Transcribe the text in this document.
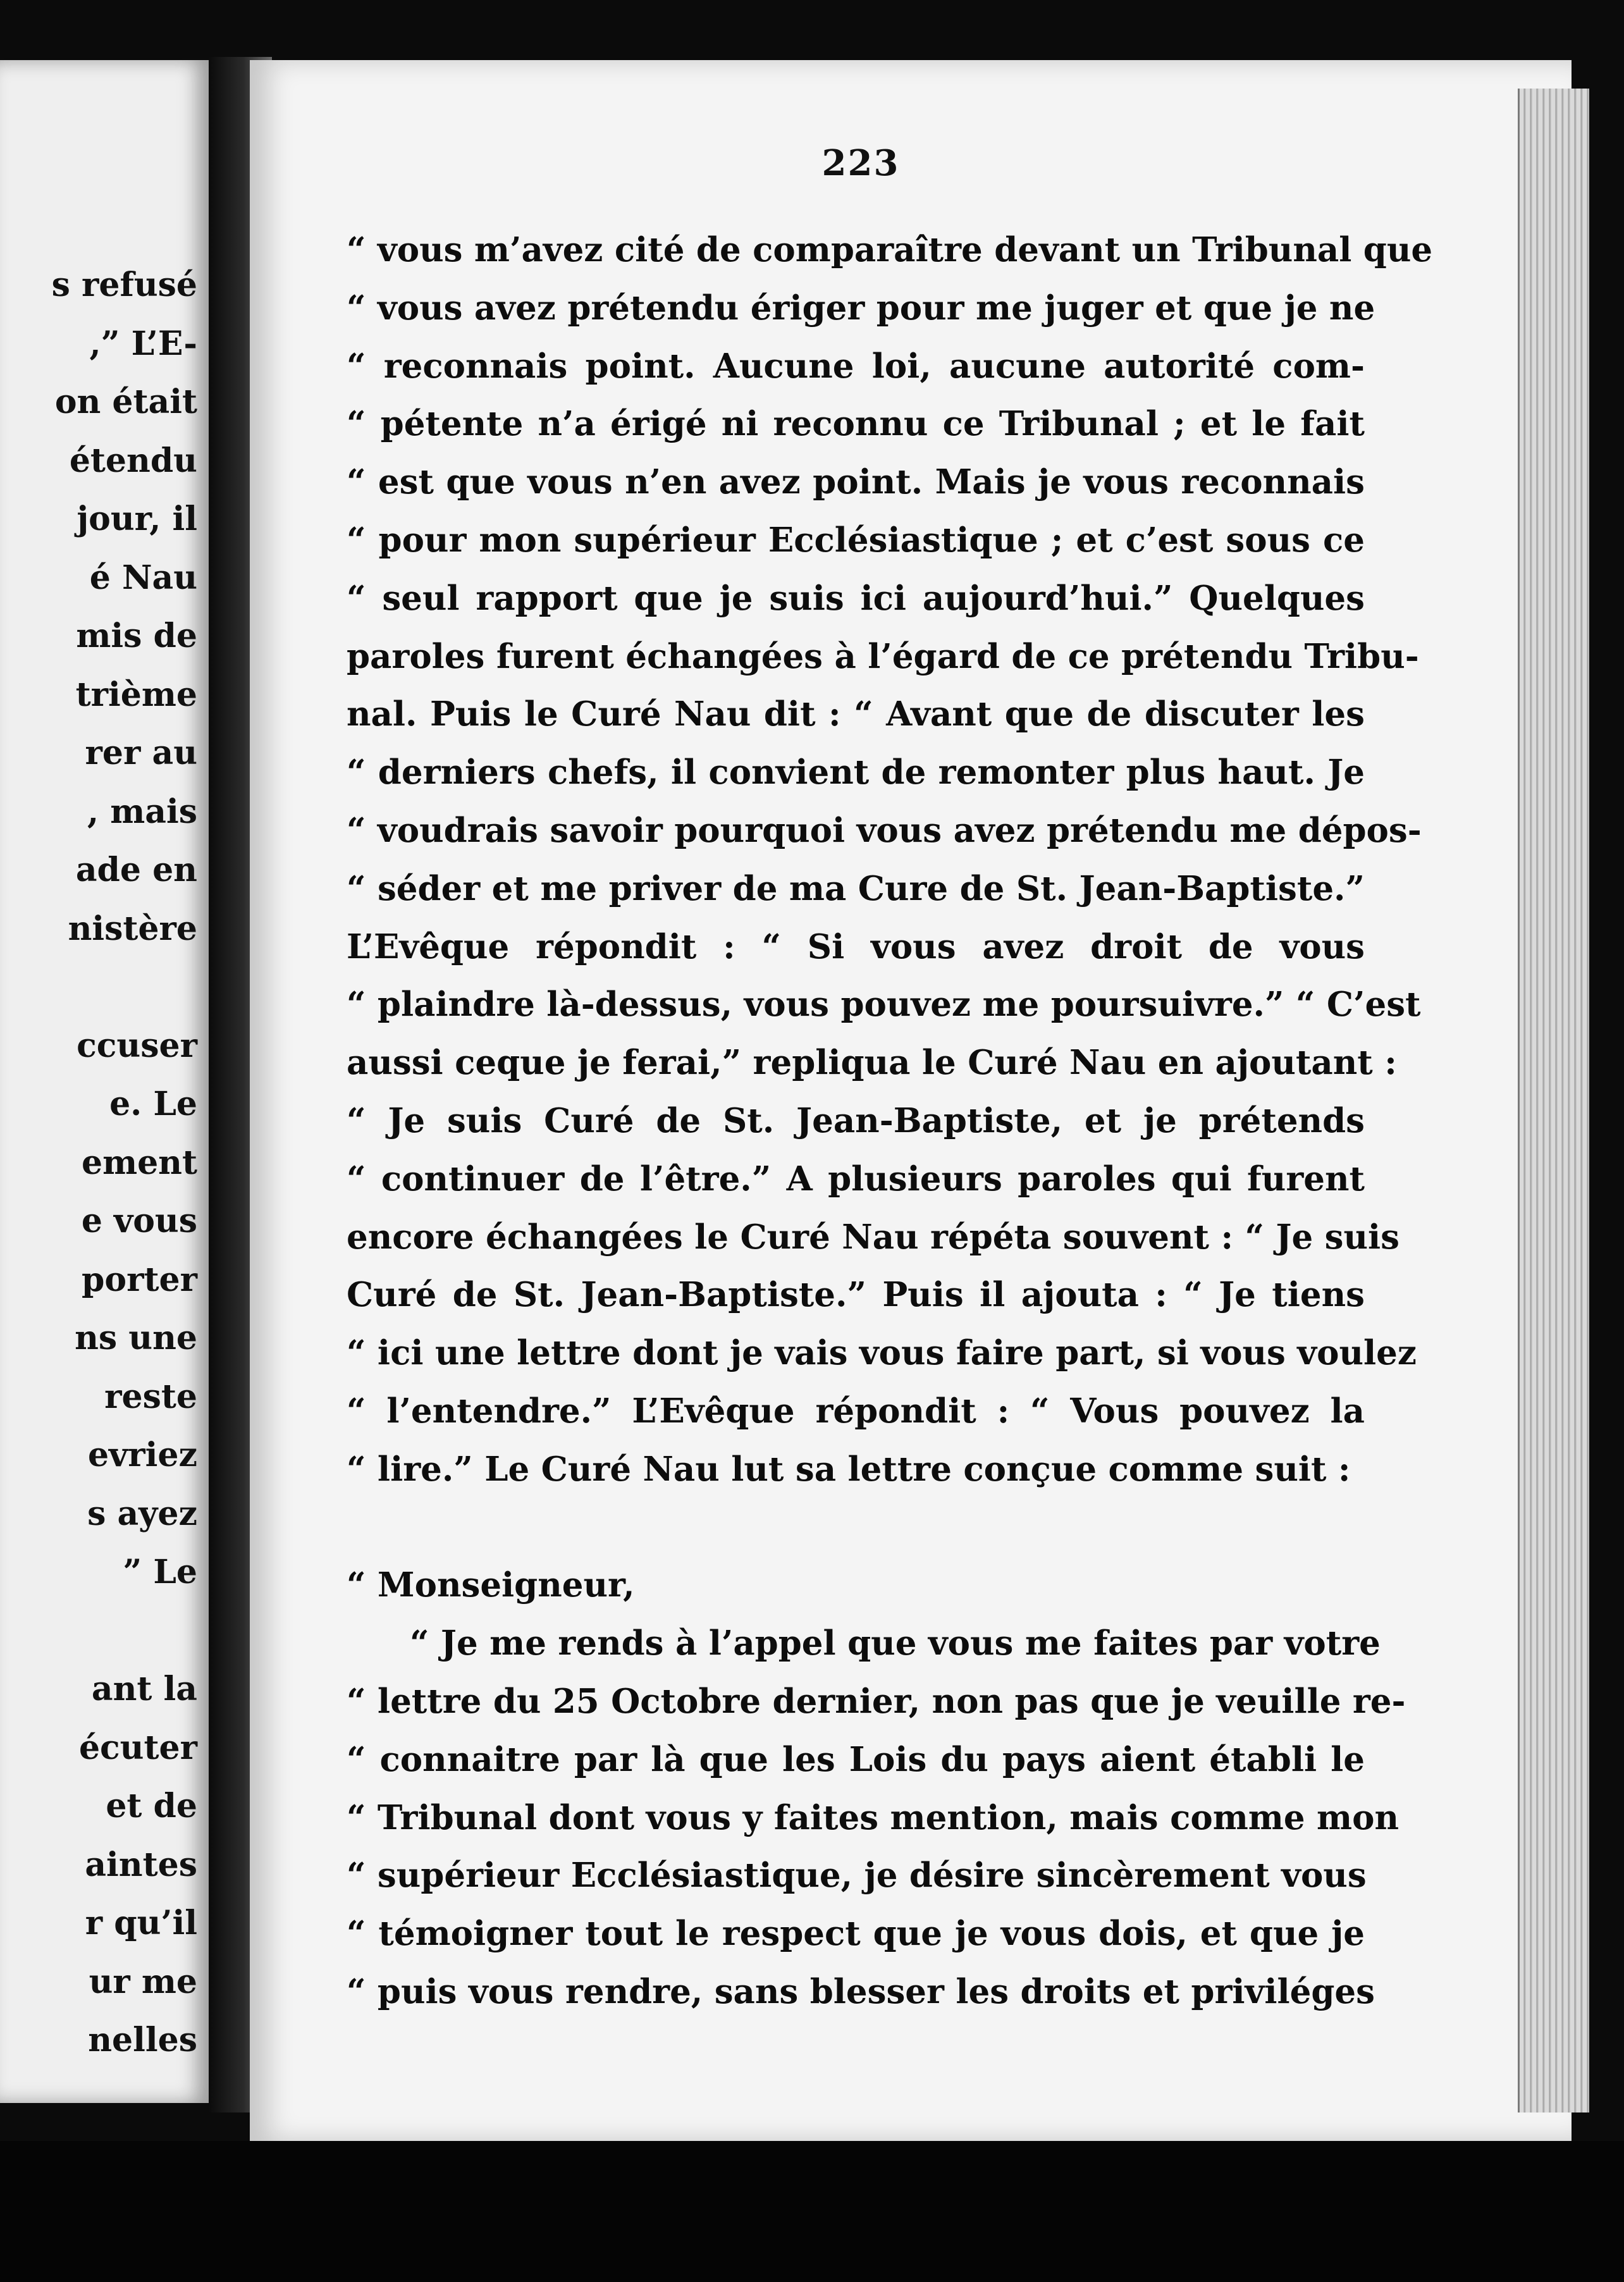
s refusé
,” L’E-
on était
étendu
jour, il
é Nau
mis de
trième
rer au
, mais
ade en
nistère
ccuser
e. Le
ement
e vous
porter
ns une
reste
evriez
s ayez
” Le
ant la
écuter
et de
aintes
r qu’il
ur me
nelles
223
“ vous m’avez cité de comparaître devant un Tribunal que
“ vous avez prétendu ériger pour me juger et que je ne
“ reconnais point. Aucune loi, aucune autorité com-
“ pétente n’a érigé ni reconnu ce Tribunal ; et le fait
“ est que vous n’en avez point. Mais je vous reconnais
“ pour mon supérieur Ecclésiastique ; et c’est sous ce
“ seul rapport que je suis ici aujourd’hui.” Quelques
paroles furent échangées à l’égard de ce prétendu Tribu-
nal. Puis le Curé Nau dit : “ Avant que de discuter les
“ derniers chefs, il convient de remonter plus haut. Je
“ voudrais savoir pourquoi vous avez prétendu me dépos-
“ séder et me priver de ma Cure de St. Jean-Baptiste.”
L’Evêque répondit : “ Si vous avez droit de vous
“ plaindre là-dessus, vous pouvez me poursuivre.” “ C’est
aussi ceque je ferai,” repliqua le Curé Nau en ajoutant :
“ Je suis Curé de St. Jean-Baptiste, et je prétends
“ continuer de l’être.” A plusieurs paroles qui furent
encore échangées le Curé Nau répéta souvent : “ Je suis
Curé de St. Jean-Baptiste.” Puis il ajouta : “ Je tiens
“ ici une lettre dont je vais vous faire part, si vous voulez
“ l’entendre.” L’Evêque répondit : “ Vous pouvez la
“ lire.” Le Curé Nau lut sa lettre conçue comme suit :
“ Monseigneur,
“ Je me rends à l’appel que vous me faites par votre
“ lettre du 25 Octobre dernier, non pas que je veuille re-
“ connaitre par là que les Lois du pays aient établi le
“ Tribunal dont vous y faites mention, mais comme mon
“ supérieur Ecclésiastique, je désire sincèrement vous
“ témoigner tout le respect que je vous dois, et que je
“ puis vous rendre, sans blesser les droits et priviléges
